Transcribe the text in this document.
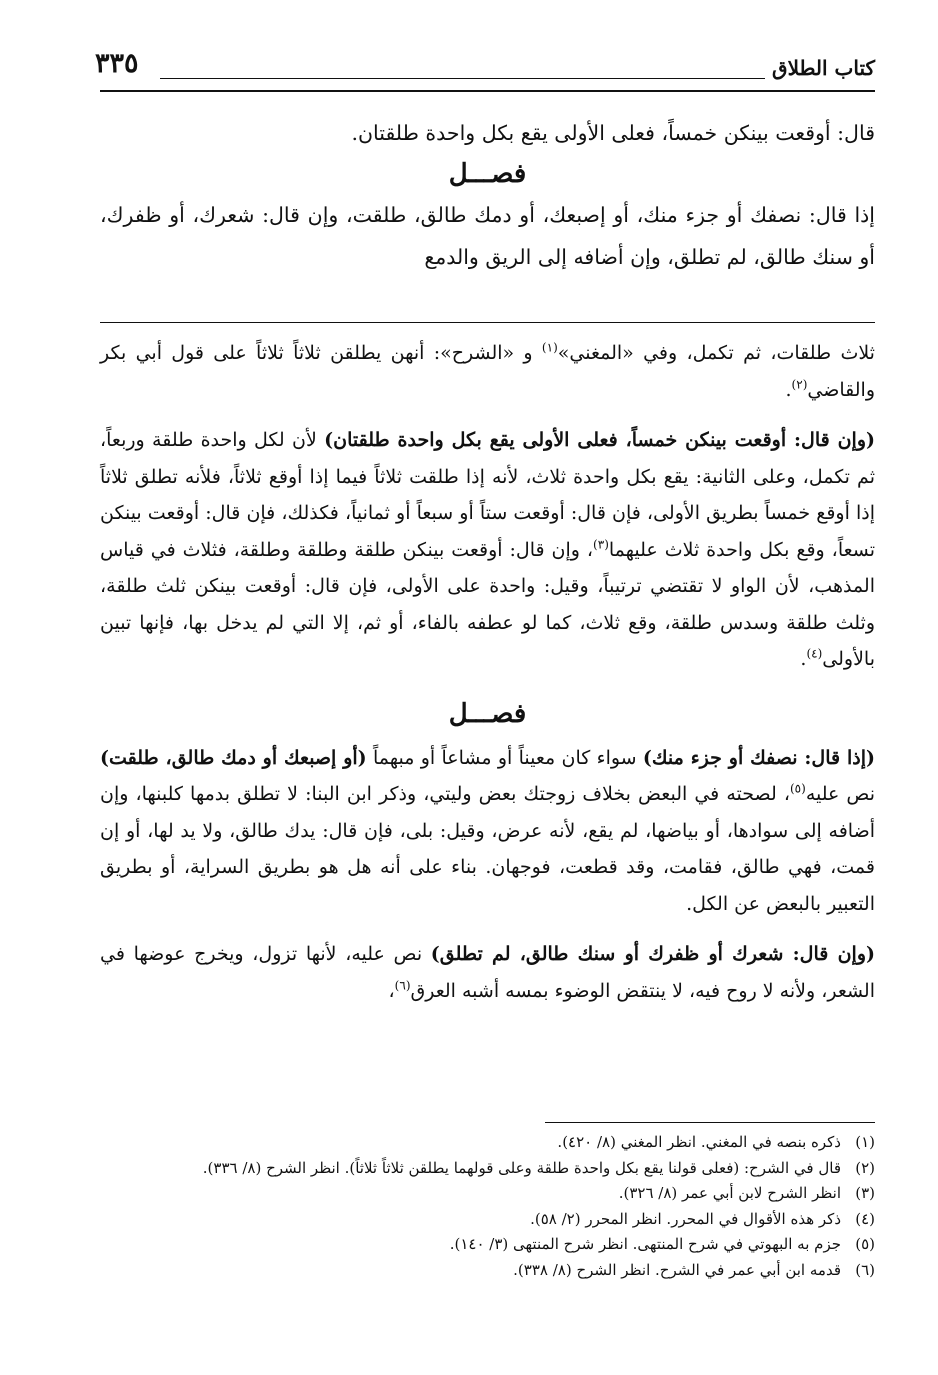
كتاب الطلاق
٣٣٥

قال: أوقعت بينكن خمساً، فعلى الأولى يقع بكل واحدة طلقتان.

فصـــل

إذا قال: نصفك أو جزء منك، أو إصبعك، أو دمك طالق، طلقت، وإن قال: شعرك، أو ظفرك، أو سنك طالق، لم تطلق، وإن أضافه إلى الريق والدمع

ثلاث طلقات، ثم تكمل، وفي «المغني»$^{(١)}$ و «الشرح»: أنهن يطلقن ثلاثاً ثلاثاً على قول أبي بكر والقاضي$^{(٢)}$.

(وإن قال: أوقعت بينكن خمساً، فعلى الأولى يقع بكل واحدة طلقتان) لأن لكل واحدة طلقة وربعاً، ثم تكمل، وعلى الثانية: يقع بكل واحدة ثلاث، لأنه إذا طلقت ثلاثاً فيما إذا أوقع ثلاثاً، فلأنه تطلق ثلاثاً إذا أوقع خمساً بطريق الأولى، فإن قال: أوقعت ستاً أو سبعاً أو ثمانياً، فكذلك، فإن قال: أوقعت بينكن تسعاً، وقع بكل واحدة ثلاث عليهما$^{(٣)}$، وإن قال: أوقعت بينكن طلقة وطلقة وطلقة، فثلاث في قياس المذهب، لأن الواو لا تقتضي ترتيباً، وقيل: واحدة على الأولى، فإن قال: أوقعت بينكن ثلث طلقة، وثلث طلقة وسدس طلقة، وقع ثلاث، كما لو عطفه بالفاء، أو ثم، إلا التي لم يدخل بها، فإنها تبين بالأولى$^{(٤)}$.

فصـــل

(إذا قال: نصفك أو جزء منك) سواء كان معيناً أو مشاعاً أو مبهماً (أو إصبعك أو دمك طالق، طلقت) نص عليه$^{(٥)}$، لصحته في البعض بخلاف زوجتك بعض وليتي، وذكر ابن البنا: لا تطلق بدمها كلبنها، وإن أضافه إلى سوادها، أو بياضها، لم يقع، لأنه عرض، وقيل: بلى، فإن قال: يدك طالق، ولا يد لها، أو إن قمت، فهي طالق، فقامت، وقد قطعت، فوجهان. بناء على أنه هل هو بطريق السراية، أو بطريق التعبير بالبعض عن الكل.

(وإن قال: شعرك أو ظفرك أو سنك طالق، لم تطلق) نص عليه، لأنها تزول، ويخرج عوضها في الشعر، ولأنه لا روح فيه، لا ينتقض الوضوء بمسه أشبه العرق$^{(٦)}$،

(١)ذكره بنصه في المغني. انظر المغني (٨/ ٤٢٠).

(٢)قال في الشرح: (فعلى قولنا يقع بكل واحدة طلقة وعلى قولهما يطلقن ثلاثاً ثلاثاً). انظر الشرح (٨/ ٣٣٦).

(٣)انظر الشرح لابن أبي عمر (٨/ ٣٢٦).

(٤)ذكر هذه الأقوال في المحرر. انظر المحرر (٢/ ٥٨).

(٥)جزم به البهوتي في شرح المنتهى. انظر شرح المنتهى (٣/ ١٤٠).

(٦)قدمه ابن أبي عمر في الشرح. انظر الشرح (٨/ ٣٣٨).
